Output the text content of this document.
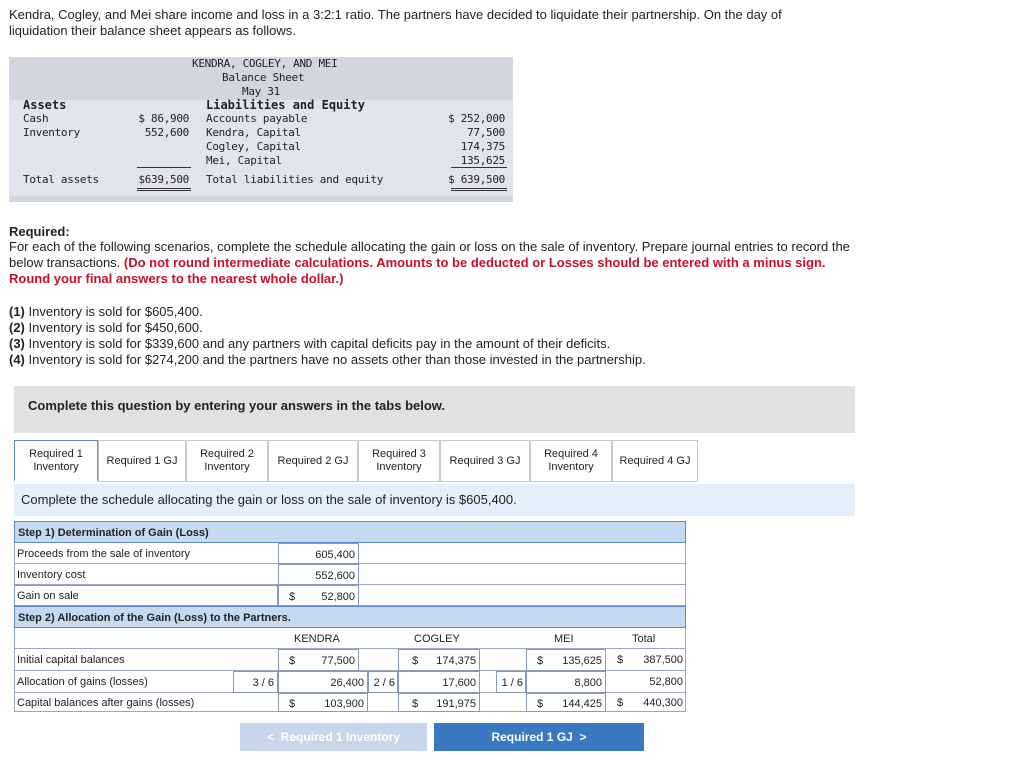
Kendra, Cogley, and Mei share income and loss in a 3:2:1 ratio. The partners have decided to liquidate their partnership. On the day of
liquidation their balance sheet appears as follows.
KENDRA, COGLEY, AND MEI
Balance Sheet
May 31
Assets	Liabilities and Equity
Cash	$ 86,900
Inventory	552,600
Accounts payable	$ 252,000
Kendra, Capital	77,500
Cogley, Capital	174,375
Mei, Capital	135,625
Total assets	$639,500 Total liabilities and equity	$ 639,500
Required:
For each of the following scenarios, complete the schedule allocating the gain or loss on the sale of inventory. Prepare journal entries to record the below transactions. (Do not round intermediate calculations. Amounts to be deducted or Losses should be entered with a minus sign. Round your final answers to the nearest whole dollar.)
(1) Inventory is sold for $605,400.
(2) Inventory is sold for $450,600.
(3) Inventory is sold for $339,600 and any partners with capital deficits pay in the amount of their deficits.
(4) Inventory is sold for $274,200 and the partners have no assets other than those invested in the partnership.
Complete this question by entering your answers in the tabs below.
Required 1
Inventory	Required 1 GJ
Required 2
Inventory
Required 2 GJ
Required 3
Inventory
Required 3 GJ
Required 4
Inventory
Required 4 GJ
Complete the schedule allocating the gain or loss on the sale of inventory is $605,400.
Step 1) Determination of Gain (Loss)
Proceeds from the sale of inventory	605,400
Inventory cost	552,600
Gain on sale	$ 52,800
Step 2) Allocation of the Gain (Loss) to the Partners.
KENDRA	COGLEY	MEI	Total
Initial capital balances	$ 77,500	$ 174,375	$ 135,625 $ 387,500
Allocation of gains (losses)	3 / 6	26,400 2 / 6	17,600 1 / 6	8,800	52,800
Capital balances after gains (losses)	$	103,900	$ 191,975	$ 144,425 $ 440,300
< Required 1 Inventory	Required 1 GJ >
